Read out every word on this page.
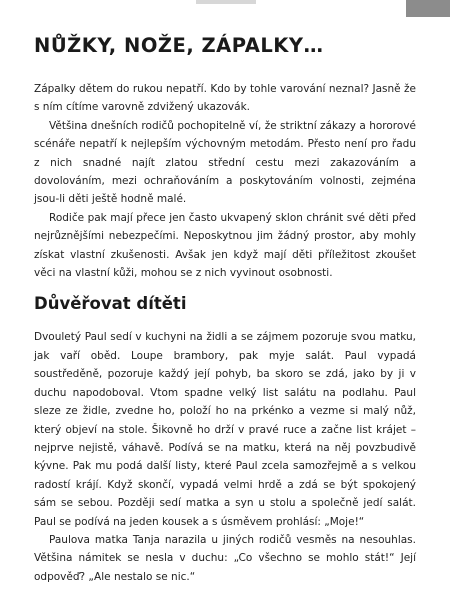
NŮŽKY, NOŽE, ZÁPALKY…

Zápalky dětem do rukou nepatří. Kdo by tohle varování neznal? Jasně že s ním cítíme varovně zdvižený ukazovák.

Většina dnešních rodičů pochopitelně ví, že striktní zákazy a hororové scénáře nepatří k nejlepším výchovným metodám. Přesto není pro řadu z nich snadné najít zlatou střední cestu mezi zakazováním a dovolováním, mezi ochraňováním a poskytováním volnosti, zejména jsou-li děti ještě hodně malé.

Rodiče pak mají přece jen často ukvapený sklon chránit své děti před nejrůznějšími nebezpečími. Neposkytnou jim žádný prostor, aby mohly získat vlastní zkušenosti. Avšak jen když mají děti příležitost zkoušet věci na vlastní kůži, mohou se z nich vyvinout osobnosti.

Důvěřovat dítěti

Dvouletý Paul sedí v kuchyni na židli a se zájmem pozoruje svou matku, jak vaří oběd. Loupe brambory, pak myje salát. Paul vypadá soustředěně, pozoruje každý její pohyb, ba skoro se zdá, jako by ji v duchu napodoboval. Vtom spadne velký list salátu na podlahu. Paul sleze ze židle, zvedne ho, položí ho na prkénko a vezme si malý nůž, který objeví na stole. Šikovně ho drží v pravé ruce a začne list krájet – nejprve nejistě, váhavě. Podívá se na matku, která na něj povzbudivě kývne. Pak mu podá další listy, které Paul zcela samozřejmě a s velkou radostí krájí. Když skončí, vypadá velmi hrdě a zdá se být spokojený sám se sebou. Později sedí matka a syn u stolu a společně jedí salát. Paul se podívá na jeden kousek a s úsměvem prohlásí: „Moje!“

Paulova matka Tanja narazila u jiných rodičů vesměs na nesouhlas. Většina námitek se nesla v duchu: „Co všechno se mohlo stát!“ Její odpověď? „Ale nestalo se nic.“
